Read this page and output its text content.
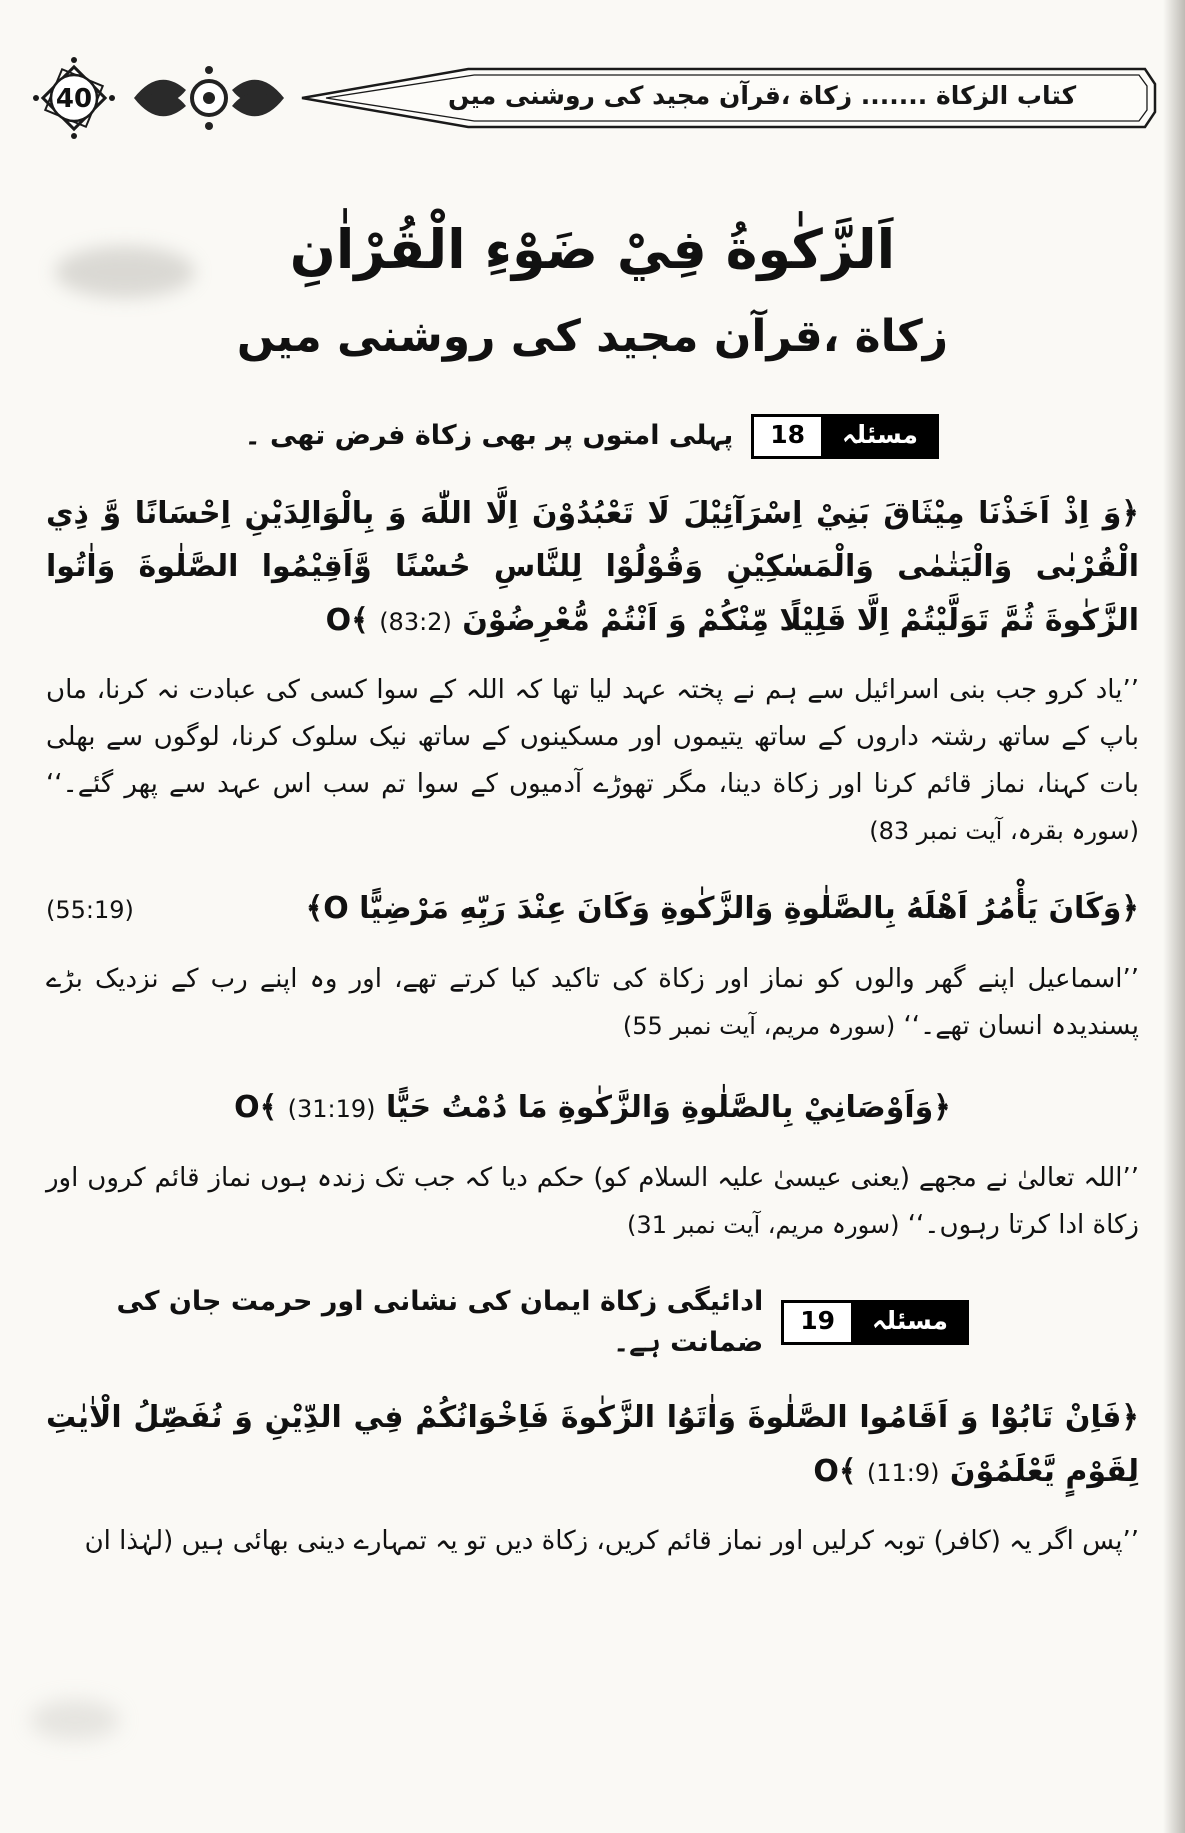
40	کتاب الزکاة ....... زکاة ،قرآن مجید کی روشنی میں
اَلزَّكٰوةُ فِيْ ضَوْءِ الْقُرْاٰنِ
زکاة ،قرآن مجید کی روشنی میں
مسئلہ
18
پہلی امتوں پر بھی زکاة فرض تھی ۔

﴿وَ اِذْ اَخَذْنَا مِيْثَاقَ بَنِيْ اِسْرَآئِيْلَ لَا تَعْبُدُوْنَ اِلَّا اللّٰهَ وَ بِالْوَالِدَيْنِ اِحْسَانًا وَّ ذِي الْقُرْبٰى وَالْيَتٰمٰى وَالْمَسٰكِيْنِ وَقُوْلُوْا لِلنَّاسِ حُسْنًا وَّاَقِيْمُوا الصَّلٰوةَ وَاٰتُوا الزَّكٰوةَ ثُمَّ تَوَلَّيْتُمْ اِلَّا قَلِيْلًا مِّنْكُمْ وَ اَنْتُمْ مُّعْرِضُوْنَ O﴾ (83:2)

’’یاد کرو جب بنی اسرائیل سے ہم نے پختہ عہد لیا تھا کہ اللہ کے سوا کسی کی عبادت نہ کرنا، ماں باپ کے ساتھ رشتہ داروں کے ساتھ یتیموں اور مسکینوں کے ساتھ نیک سلوک کرنا، لوگوں سے بھلی بات کہنا، نماز قائم کرنا اور زکاة دینا، مگر تھوڑے آدمیوں کے سوا تم سب اس عہد سے پھر گئے۔‘‘ (سورہ بقرہ، آیت نمبر 83)

﴿وَكَانَ يَأْمُرُ اَهْلَهُ بِالصَّلٰوةِ وَالزَّكٰوةِ وَكَانَ عِنْدَ رَبِّهِ مَرْضِيًّا O﴾
(55:19)

’’اسماعیل اپنے گھر والوں کو نماز اور زکاة کی تاکید کیا کرتے تھے، اور وہ اپنے رب کے نزدیک بڑے پسندیدہ انسان تھے۔‘‘ (سورہ مریم، آیت نمبر 55)

﴿وَاَوْصَانِيْ بِالصَّلٰوةِ وَالزَّكٰوةِ مَا دُمْتُ حَيًّا O﴾ (31:19)

’’اللہ تعالیٰ نے مجھے (یعنی عیسیٰ علیہ السلام کو) حکم دیا کہ جب تک زندہ ہوں نماز قائم کروں اور زکاة ادا کرتا رہوں۔‘‘ (سورہ مریم، آیت نمبر 31)

مسئلہ
19
ادائیگی زکاة ایمان کی نشانی اور حرمت جان کی ضمانت ہے۔

﴿فَاِنْ تَابُوْا وَ اَقَامُوا الصَّلٰوةَ وَاٰتَوُا الزَّكٰوةَ فَاِخْوَانُكُمْ فِي الدِّيْنِ وَ نُفَصِّلُ الْاٰيٰتِ لِقَوْمٍ يَّعْلَمُوْنَ O﴾ (11:9)

’’پس اگر یہ (کافر) توبہ کرلیں اور نماز قائم کریں، زکاة دیں تو یہ تمہارے دینی بھائی ہیں (لہٰذا ان
